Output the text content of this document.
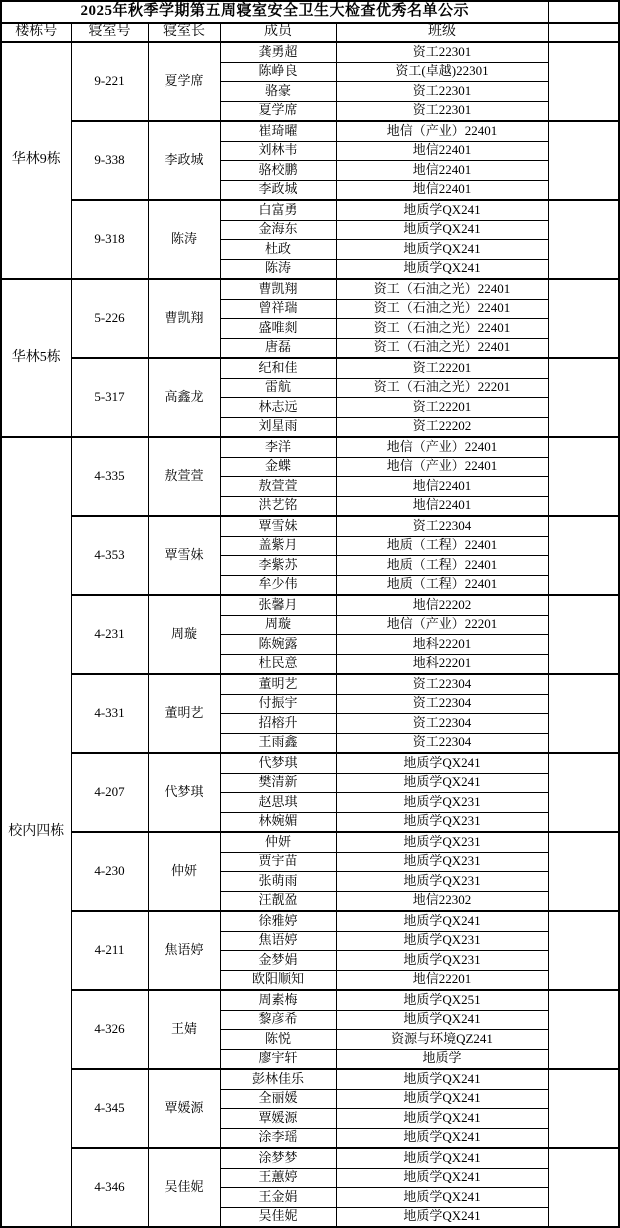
2025年秋季学期第五周寝室安全卫生大检查优秀名单公示					
楼栋号	寝室号	寝室长	成员	班级	
华林9栋	9-221	夏学席	龚勇超	资工22301	
			陈峥良	资工(卓越)22301	
			骆豪	资工22301	
			夏学席	资工22301	
	9-338	李政城	崔琦曜	地信（产业）22401	
			刘林韦	地信22401	
			骆校鹏	地信22401	
			李政城	地信22401	
	9-318	陈涛	白富勇	地质学QX241	
			金海东	地质学QX241	
			杜政	地质学QX241	
			陈涛	地质学QX241	
华林5栋	5-226	曹凯翔	曹凯翔	资工（石油之光）22401	
			曾祥瑞	资工（石油之光）22401	
			盛唯剡	资工（石油之光）22401	
			唐磊	资工（石油之光）22401	
	5-317	高鑫龙	纪和佳	资工22201	
			雷航	资工（石油之光）22201	
			林志远	资工22201	
			刘星雨	资工22202	
校内四栋	4-335	敖萱萱	李洋	地信（产业）22401	
			金蝶	地信（产业）22401	
			敖萱萱	地信22401	
			洪艺铭	地信22401	
	4-353	覃雪妹	覃雪妹	资工22304	
			盖紫月	地质（工程）22401	
			李紫苏	地质（工程）22401	
			牟少伟	地质（工程）22401	
	4-231	周璇	张馨月	地信22202	
			周璇	地信（产业）22201	
			陈婉露	地科22201	
			杜民意	地科22201	
	4-331	董明艺	董明艺	资工22304	
			付振宇	资工22304	
			招榕升	资工22304	
			王雨鑫	资工22304	
	4-207	代梦琪	代梦琪	地质学QX241	
			樊清新	地质学QX241	
			赵思琪	地质学QX231	
			林婉媚	地质学QX231	
	4-230	仲妍	仲妍	地质学QX231	
			贾宇苗	地质学QX231	
			张萌雨	地质学QX231	
			汪靓盈	地信22302	
	4-211	焦语婷	徐雅婷	地质学QX241	
			焦语婷	地质学QX231	
			金梦娟	地质学QX231	
			欧阳顺知	地信22201	
	4-326	王婧	周素梅	地质学QX251	
			黎彦希	地质学QX241	
			陈悦	资源与环境QZ241	
			廖宇轩	地质学	
	4-345	覃媛源	彭林佳乐	地质学QX241	
			全丽媛	地质学QX241	
			覃媛源	地质学QX241	
			涂李瑶	地质学QX241	
	4-346	吴佳妮	涂梦梦	地质学QX241	
			王蕙婷	地质学QX241	
			王金娟	地质学QX241	
			吴佳妮	地质学QX241	
